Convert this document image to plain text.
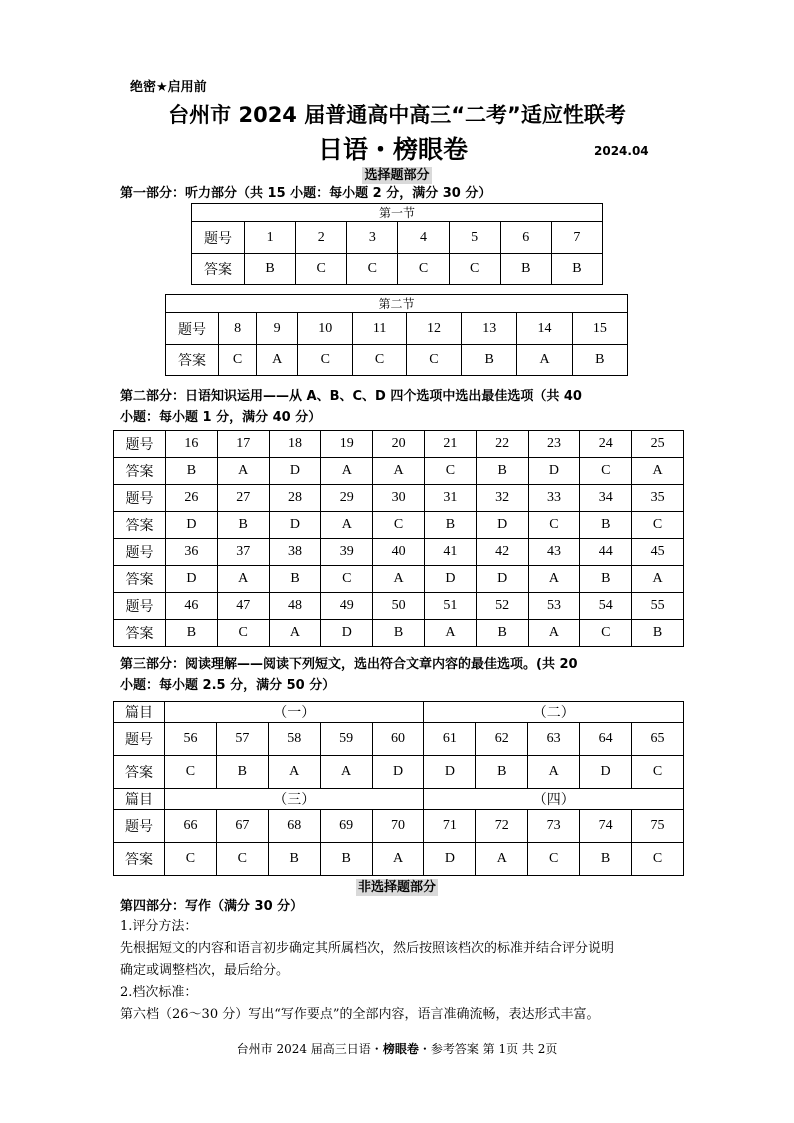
绝密★启用前
台州市 2024 届普通高中高三“二考”适应性联考
日语・榜眼卷	2024.04
选择题部分
第一部分：听力部分（共 15 小题：每小题 2 分，满分 30 分）
第一节							
题号	1	2	3	4	5	6	7
答案	B	C	C	C	C	B	B
第二节								
题号	8	9	10	11	12	13	14	15
答案	C	A	C	C	C	B	A	B
第二部分：日语知识运用——从 A、B、C、D 四个选项中选出最佳选项（共 40
小题：每小题 1 分，满分 40 分）
题号	16	17	18	19	20	21	22	23	24	25
答案	B	A	D	A	A	C	B	D	C	A
题号	26	27	28	29	30	31	32	33	34	35
答案	D	B	D	A	C	B	D	C	B	C
题号	36	37	38	39	40	41	42	43	44	45
答案	D	A	B	C	A	D	D	A	B	A
题号	46	47	48	49	50	51	52	53	54	55
答案	B	C	A	D	B	A	B	A	C	B
第三部分：阅读理解——阅读下列短文，选出符合文章内容的最佳选项。(共 20
小题：每小题 2.5 分，满分 50 分）
篇目	（一）					（二）				
题号	56	57	58	59	60	61	62	63	64	65
答案	C	B	A	A	D	D	B	A	D	C
篇目	（三）					（四）				
题号	66	67	68	69	70	71	72	73	74	75
答案	C	C	B	B	A	D	A	C	B	C
非选择题部分
第四部分：写作（满分 30 分）
1.评分方法：
先根据短文的内容和语言初步确定其所属档次，然后按照该档次的标准并结合评分说明
确定或调整档次，最后给分。
2.档次标准：
第六档（26～30 分）写出“写作要点”的全部内容，语言准确流畅，表达形式丰富。
台州市 2024 届高三日语・榜眼卷・参考答案 第 1页 共 2页
